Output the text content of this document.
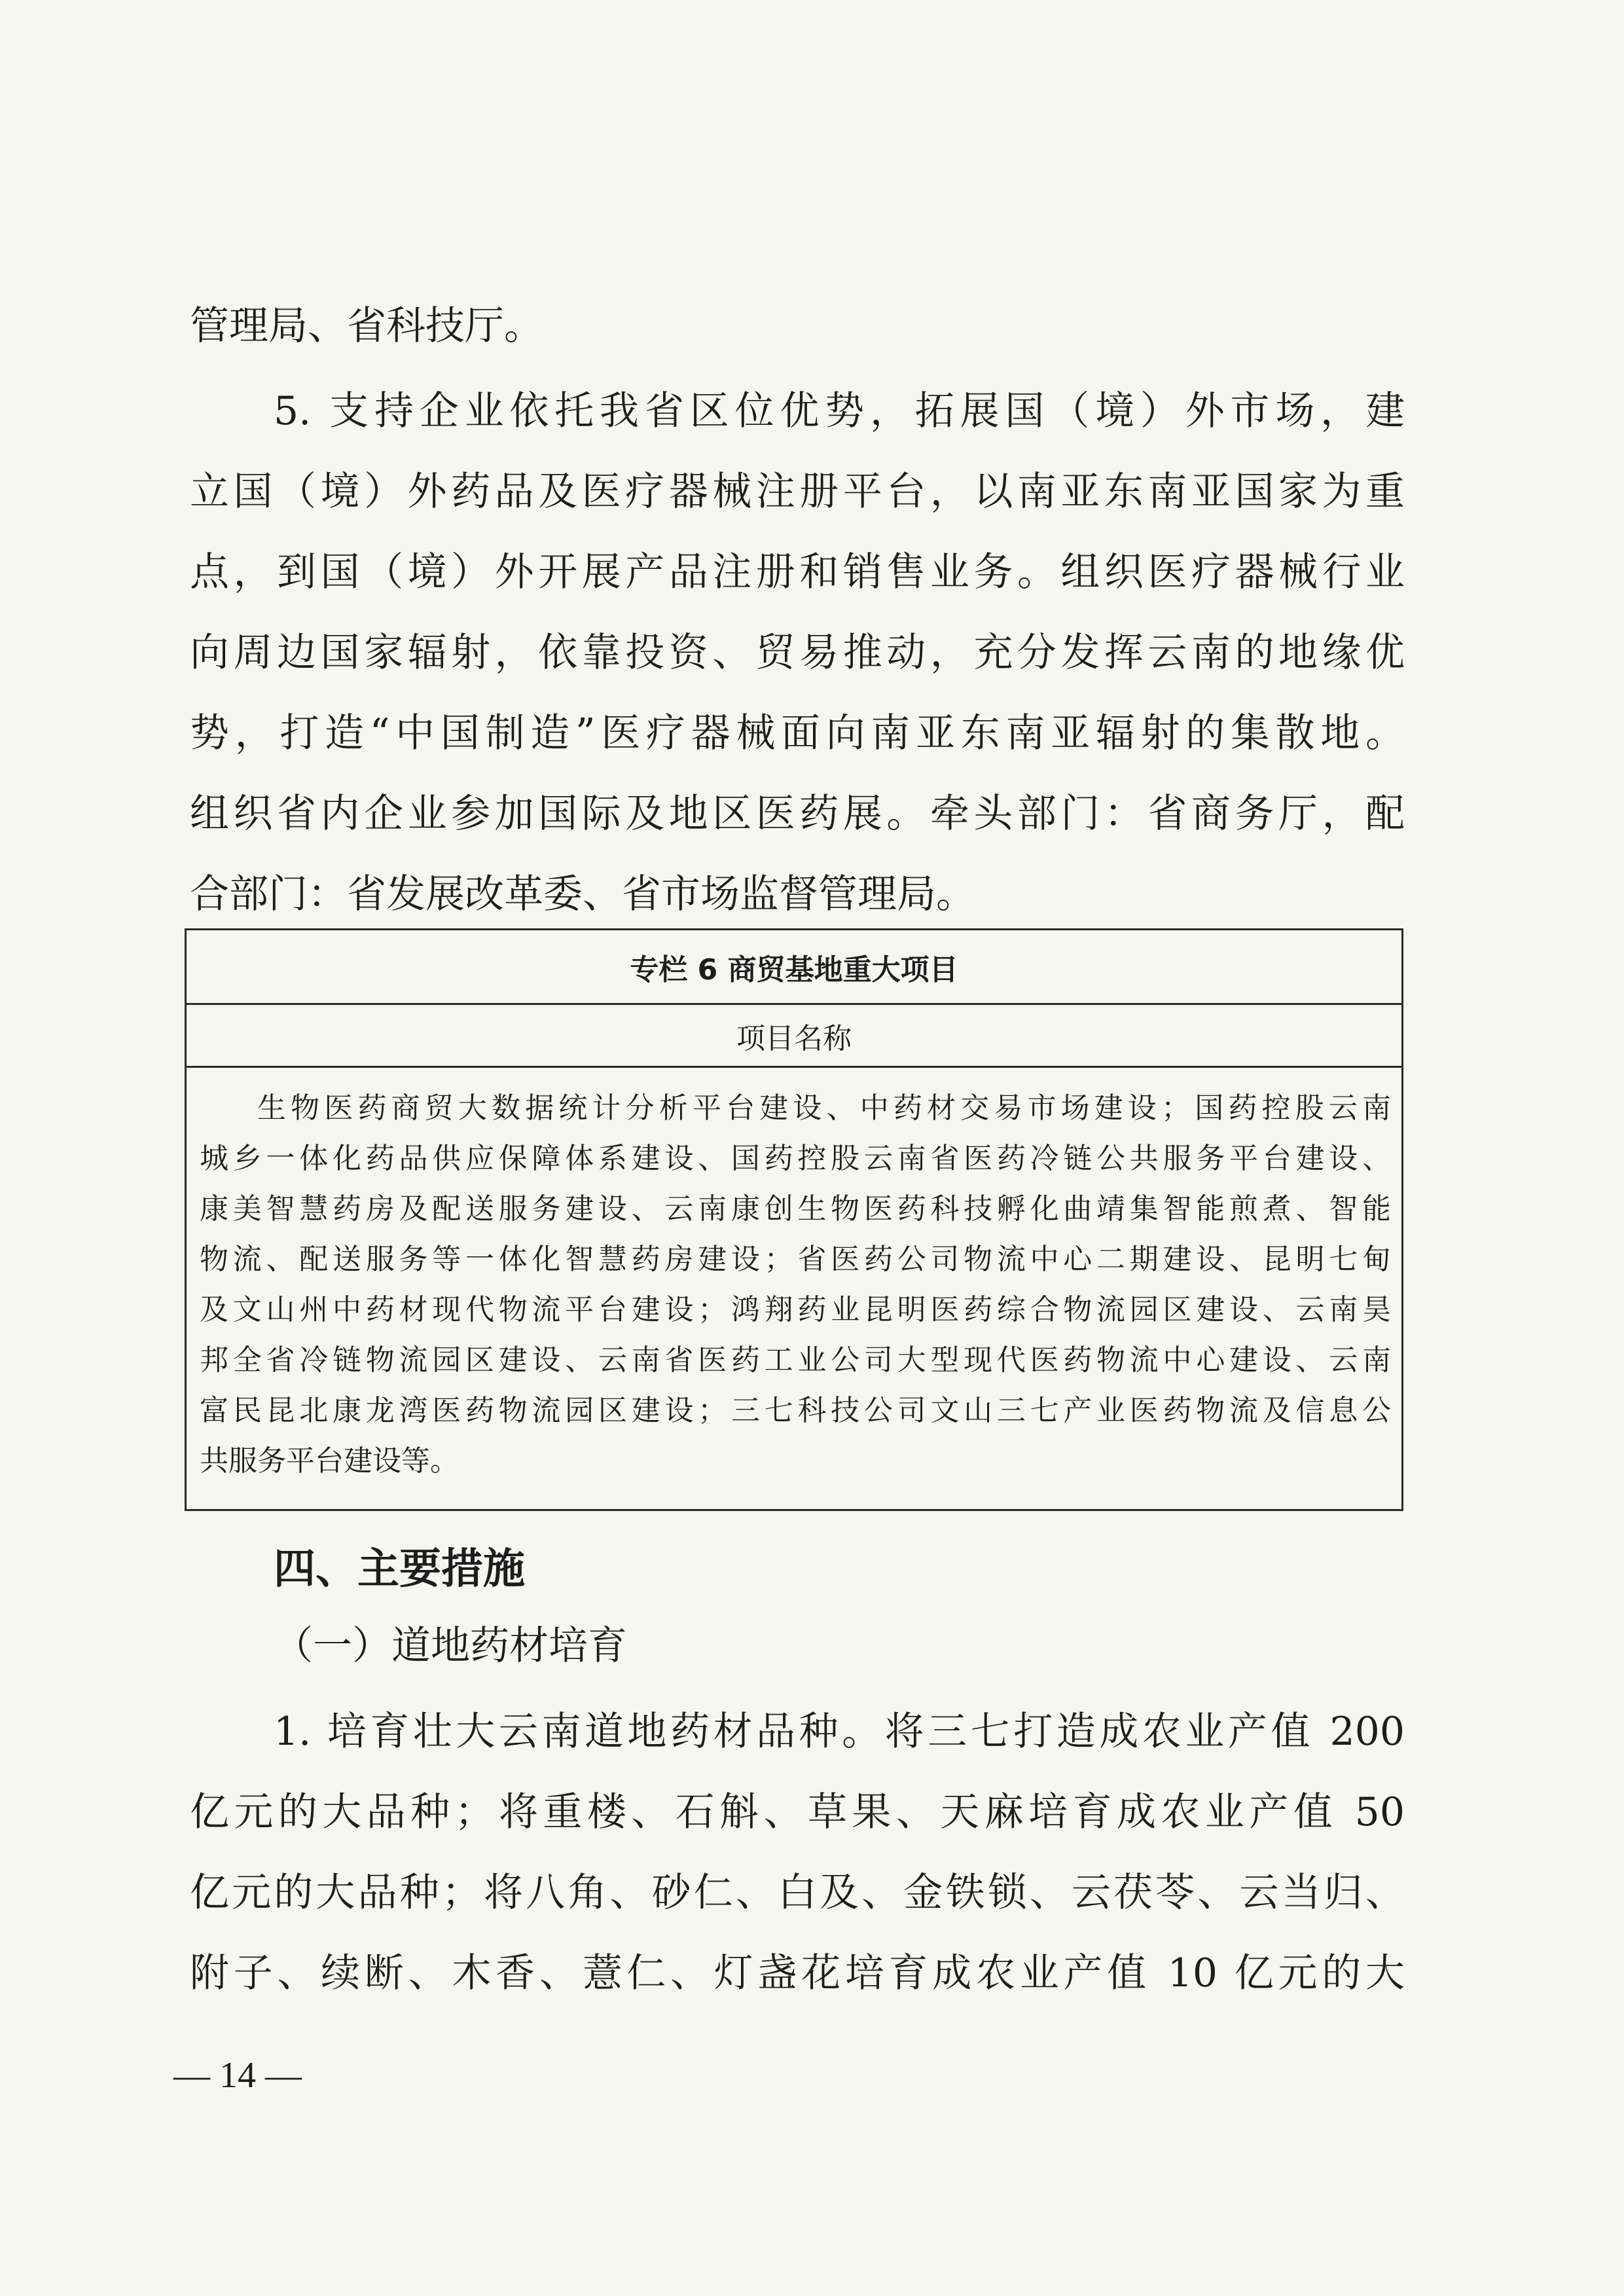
管理局、省科技厅。
5. 支持企业依托我省区位优势，拓展国（境）外市场，建
立国（境）外药品及医疗器械注册平台，以南亚东南亚国家为重
点，到国（境）外开展产品注册和销售业务。组织医疗器械行业
向周边国家辐射，依靠投资、贸易推动，充分发挥云南的地缘优
势，打造“中国制造”医疗器械面向南亚东南亚辐射的集散地。
组织省内企业参加国际及地区医药展。牵头部门：省商务厅，配
合部门：省发展改革委、省市场监督管理局。
专栏 6 商贸基地重大项目
项目名称
生物医药商贸大数据统计分析平台建设、中药材交易市场建设；国药控股云南
城乡一体化药品供应保障体系建设、国药控股云南省医药冷链公共服务平台建设、
康美智慧药房及配送服务建设、云南康创生物医药科技孵化曲靖集智能煎煮、智能
物流、配送服务等一体化智慧药房建设；省医药公司物流中心二期建设、昆明七甸
及文山州中药材现代物流平台建设；鸿翔药业昆明医药综合物流园区建设、云南昊
邦全省冷链物流园区建设、云南省医药工业公司大型现代医药物流中心建设、云南
富民昆北康龙湾医药物流园区建设；三七科技公司文山三七产业医药物流及信息公
共服务平台建设等。
四、主要措施
（一）道地药材培育
1. 培育壮大云南道地药材品种。将三七打造成农业产值 200
亿元的大品种；将重楼、石斛、草果、天麻培育成农业产值 50
亿元的大品种；将八角、砂仁、白及、金铁锁、云茯苓、云当归、
附子、续断、木香、薏仁、灯盏花培育成农业产值 10 亿元的大
— 14 —
